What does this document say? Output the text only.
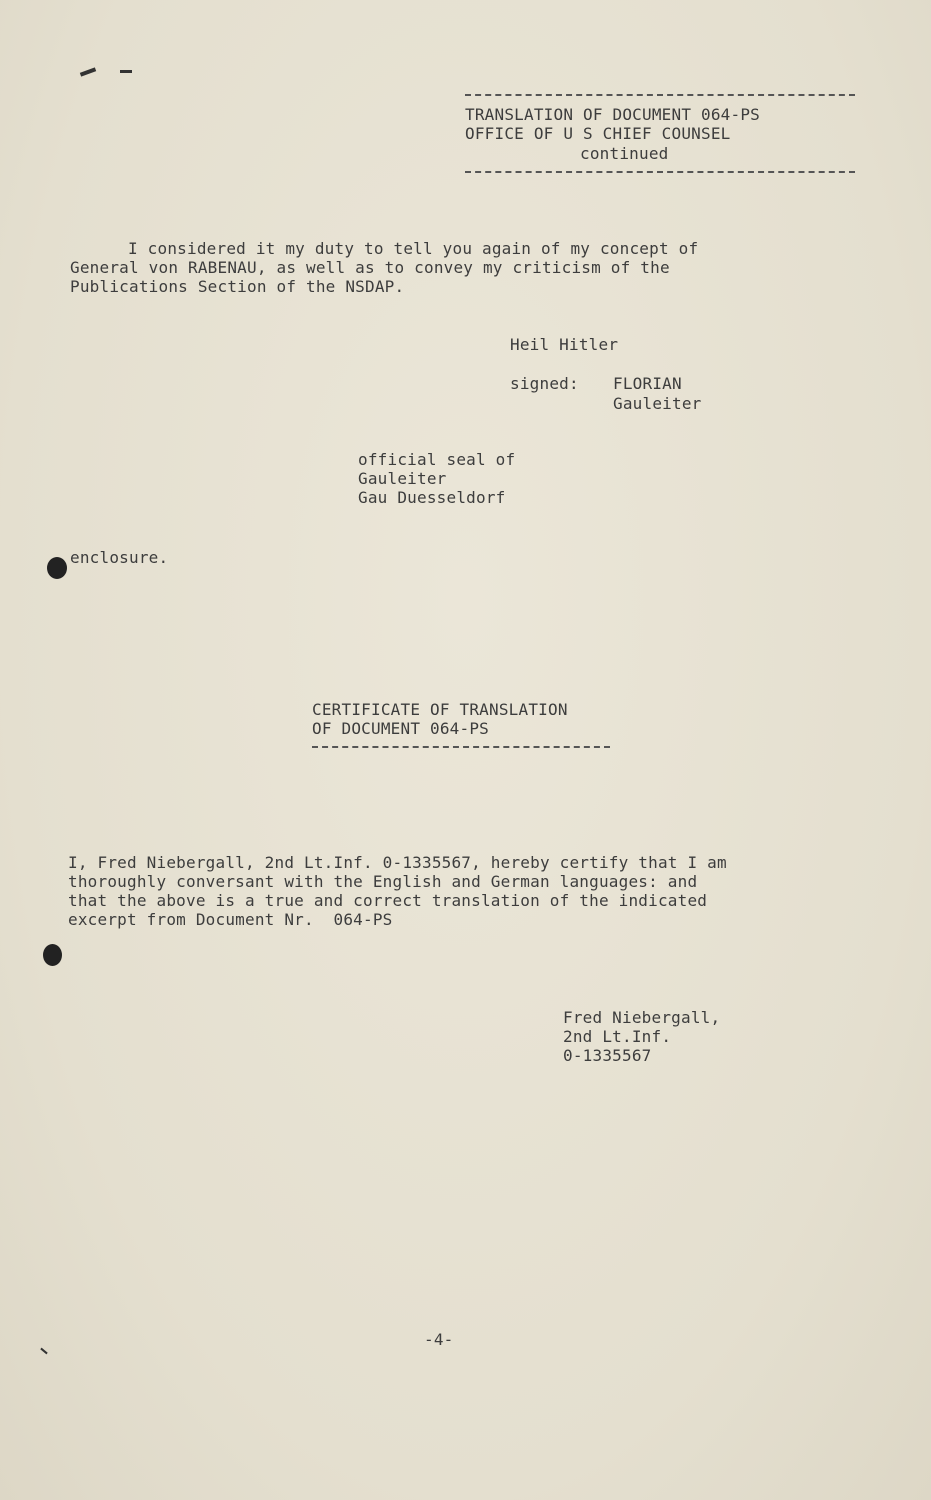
TRANSLATION OF DOCUMENT 064-PS
OFFICE OF U S CHIEF COUNSEL
continued
I considered it my duty to tell you again of my concept of
General von RABENAU, as well as to convey my criticism of the
Publications Section of the NSDAP.
Heil Hitler
signed: FLORIAN
Gauleiter
official seal of
Gauleiter
Gau Duesseldorf
enclosure.
CERTIFICATE OF TRANSLATION
OF DOCUMENT 064-PS
I, Fred Niebergall, 2nd Lt.Inf. 0-1335567, hereby certify that I am
thoroughly conversant with the English and German languages: and
that the above is a true and correct translation of the indicated
excerpt from Document Nr.  064-PS
Fred Niebergall,
2nd Lt.Inf.
0-1335567
-4-
